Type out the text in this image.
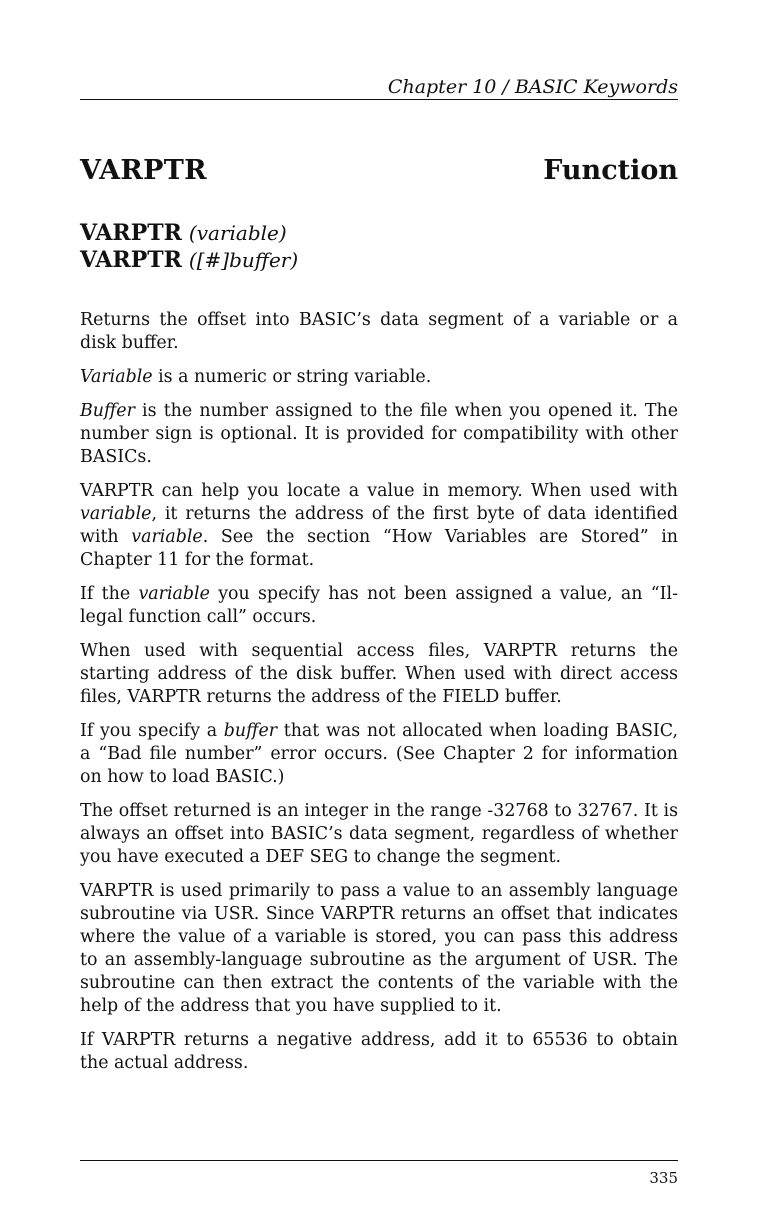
Chapter 10 / BASIC Keywords
VARPTR	Function
VARPTR (variable)
VARPTR ([#]buffer)

Returns the offset into BASIC’s data segment of a variable or a disk buffer.

Variable is a numeric or string variable.

Buffer is the number assigned to the file when you opened it. The number sign is optional. It is provided for compatibility with other BASICs.

VARPTR can help you locate a value in memory. When used with variable, it returns the address of the first byte of data identified with variable. See the section “How Variables are Stored” in Chapter 11 for the format.

If the variable you specify has not been assigned a value, an “Illegal function call” occurs.

When used with sequential access files, VARPTR returns the starting address of the disk buffer. When used with direct access files, VARPTR returns the address of the FIELD buffer.

If you specify a buffer that was not allocated when loading BASIC, a “Bad file number” error occurs. (See Chapter 2 for information on how to load BASIC.)

The offset returned is an integer in the range -32768 to 32767. It is always an offset into BASIC’s data segment, regardless of whether you have executed a DEF SEG to change the segment.

VARPTR is used primarily to pass a value to an assembly language subroutine via USR. Since VARPTR returns an offset that indicates where the value of a variable is stored, you can pass this address to an assembly-language subroutine as the argument of USR. The subroutine can then extract the contents of the variable with the help of the address that you have supplied to it.

If VARPTR returns a negative address, add it to 65536 to obtain the actual address.

335
